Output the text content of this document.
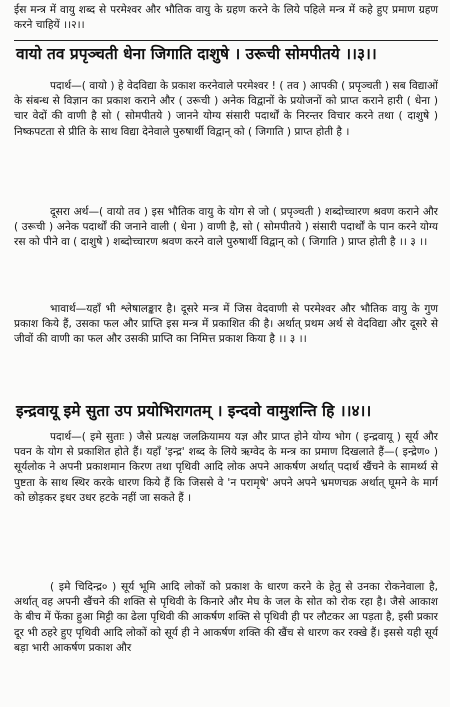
ईस मन्त्र में वायु शब्द से परमेश्वर और भौतिक वायु के ग्रहण करने के लिये पहिले मन्त्र में कहे हुए प्रमाण ग्रहण करने चाहियें ।।२।।

वायो तव प्रपृञ्चती धेना जिगाति दाशुषे । उरूची सोमपीतये ।।३।।

पदार्थ—( वायो ) हे वेदविद्या के प्रकाश करनेवाले परमेश्वर ! ( तव ) आपकी ( प्रपृञ्चती ) सब विद्याओं के संबन्ध से विज्ञान का प्रकाश कराने और ( उरूची ) अनेक विद्वानों के प्रयोजनों को प्राप्त कराने हारी ( धेना ) चार वेदों की वाणी है सो ( सोमपीतये ) जानने योग्य संसारी पदार्थों के निरन्तर विचार करने तथा ( दाशुषे ) निष्कपटता से प्रीति के साथ विद्या देनेवाले पुरुषार्थी विद्वान् को ( जिगाति ) प्राप्त होती है ।

दूसरा अर्थ—( वायो तव ) इस भौतिक वायु के योग से जो ( प्रपृञ्चती ) शब्दोच्चारण श्रवण कराने और ( उरूची ) अनेक पदार्थों की जनाने वाली ( धेना ) वाणी है, सो ( सोमपीतये ) संसारी पदार्थों के पान करने योग्य रस को पीने वा ( दाशुषे ) शब्दोच्चारण श्रवण करने वाले पुरुषार्थी विद्वान् को ( जिगाति ) प्राप्त होती है ।। ३ ।।

भावार्थ—यहाँ भी श्लेषालङ्कार है। दूसरे मन्त्र में जिस वेदवाणी से परमेश्वर और भौतिक वायु के गुण प्रकाश किये हैं, उसका फल और प्राप्ति इस मन्त्र में प्रकाशित की है। अर्थात् प्रथम अर्थ से वेदविद्या और दूसरे से जीवों की वाणी का फल और उसकी प्राप्ति का निमित्त प्रकाश किया है ।। ३ ।।

इन्द्रवायू इमे सुता उप प्रयोभिरागतम् । इन्दवो वामुशन्ति हि ।।४।।

पदार्थ—( इमे सुताः ) जैसे प्रत्यक्ष जलक्रियामय यज्ञ और प्राप्त होने योग्य भोग ( इन्द्रवायू ) सूर्य और पवन के योग से प्रकाशित होते हैं। यहाँ 'इन्द्र' शब्द के लिये ऋग्वेद के मन्त्र का प्रमाण दिखलाते हैं—( इन्द्रेण० ) सूर्यलोक ने अपनी प्रकाशमान किरण तथा पृथिवी आदि लोक अपने आकर्षण अर्थात् पदार्थ खैंचने के सामर्थ्य से पुष्टता के साथ स्थिर करके धारण किये हैं कि जिससे वे 'न परामृषे' अपने अपने भ्रमणचक्र अर्थात् घूमने के मार्ग को छोड़कर इधर उधर हटके नहीं जा सकते हैं ।

( इमे चिदिन्द्र० ) सूर्य भूमि आदि लोकों को प्रकाश के धारण करने के हेतु से उनका रोकनेवाला है, अर्थात् वह अपनी खैंचने की शक्ति से पृथिवी के किनारे और मेघ के जल के सोत को रोक रहा है। जैसे आकाश के बीच में फेंका हुआ मिट्टी का ढेला पृथिवी की आकर्षण शक्ति से पृथिवी ही पर लौटकर आ पड़ता है, इसी प्रकार दूर भी ठहरे हुए पृथिवी आदि लोकों को सूर्य ही ने आकर्षण शक्ति की खैंच से धारण कर रक्खे हैं। इससे यही सूर्य बड़ा भारी आकर्षण प्रकाश और
